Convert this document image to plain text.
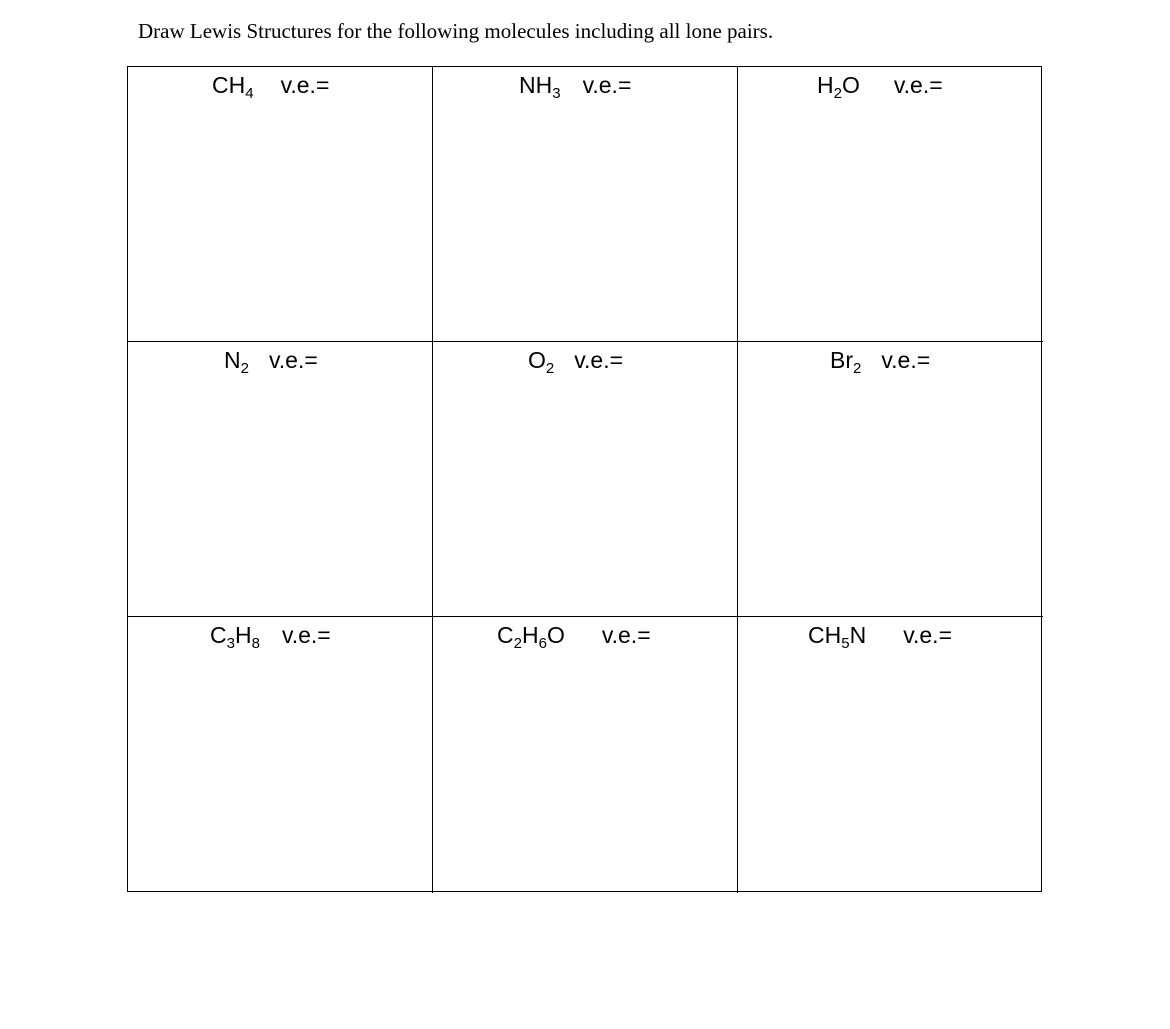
Draw Lewis Structures for the following molecules including all lone pairs.
$CH_4$ v.e.=	$NH_3$ v.e.=	$H_2O$ v.e.=
$N_2$ v.e.=	$O_2$ v.e.=	$Br_2$ v.e.=
$C_3H_8$ v.e.=	$C_2H_6O$ v.e.=	$CH_5N$ v.e.=
